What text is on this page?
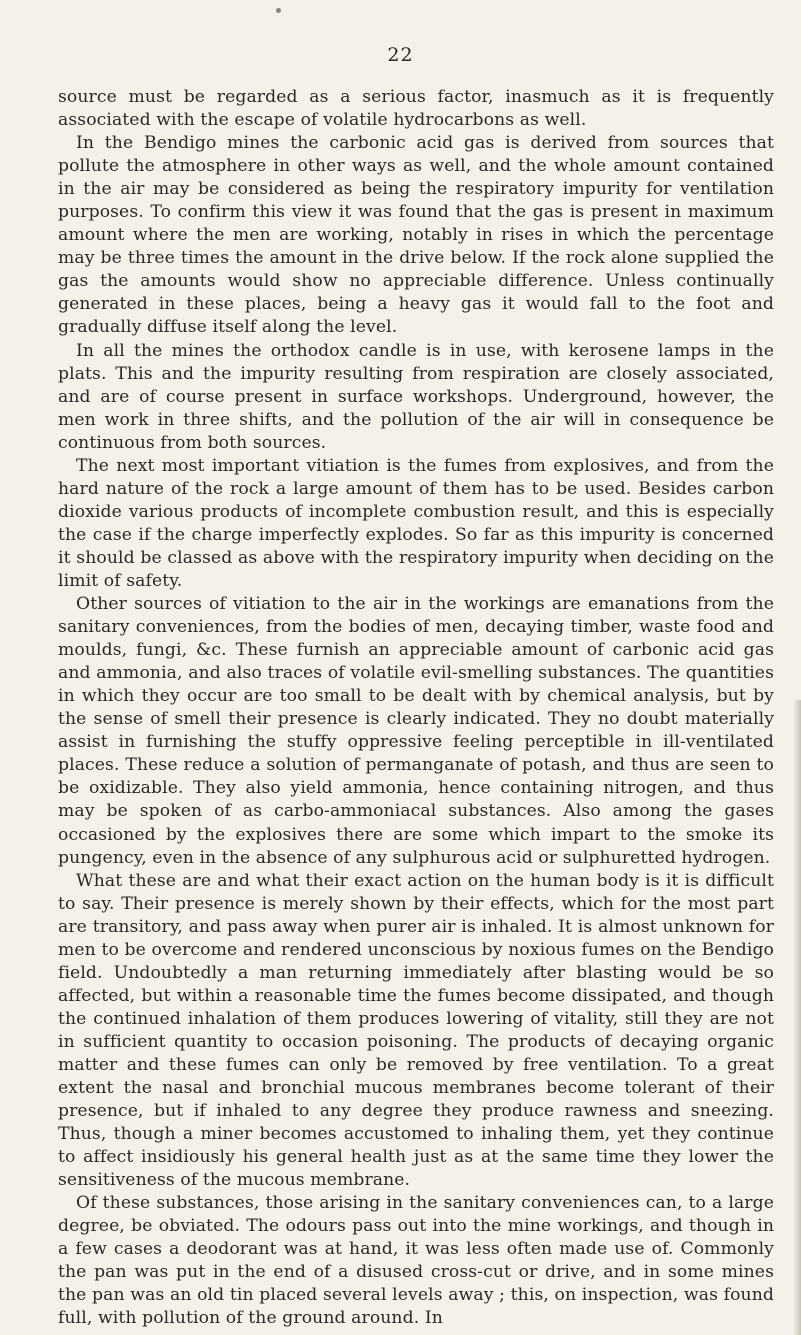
22

source must be regarded as a serious factor, inasmuch as it is frequently associated with the escape of volatile hydrocarbons as well.

In the Bendigo mines the carbonic acid gas is derived from sources that pollute the atmosphere in other ways as well, and the whole amount contained in the air may be considered as being the respiratory impurity for ventilation purposes. To confirm this view it was found that the gas is present in maximum amount where the men are working, notably in rises in which the percentage may be three times the amount in the drive below. If the rock alone supplied the gas the amounts would show no appreciable difference. Unless continually generated in these places, being a heavy gas it would fall to the foot and gradually diffuse itself along the level.

In all the mines the orthodox candle is in use, with kerosene lamps in the plats. This and the impurity resulting from respiration are closely associated, and are of course present in surface workshops. Underground, however, the men work in three shifts, and the pollution of the air will in consequence be continuous from both sources.

The next most important vitiation is the fumes from explosives, and from the hard nature of the rock a large amount of them has to be used. Besides carbon dioxide various products of incomplete combustion result, and this is especially the case if the charge imperfectly explodes. So far as this impurity is concerned it should be classed as above with the respiratory impurity when deciding on the limit of safety.

Other sources of vitiation to the air in the workings are emanations from the sanitary conveniences, from the bodies of men, decaying timber, waste food and moulds, fungi, &c. These furnish an appreciable amount of carbonic acid gas and ammonia, and also traces of volatile evil-smelling substances. The quantities in which they occur are too small to be dealt with by chemical analysis, but by the sense of smell their presence is clearly indicated. They no doubt materially assist in furnishing the stuffy oppressive feeling perceptible in ill-ventilated places. These reduce a solution of permanganate of potash, and thus are seen to be oxidizable. They also yield ammonia, hence containing nitrogen, and thus may be spoken of as carbo-ammoniacal substances. Also among the gases occasioned by the explosives there are some which impart to the smoke its pungency, even in the absence of any sulphurous acid or sulphuretted hydrogen.

What these are and what their exact action on the human body is it is difficult to say. Their presence is merely shown by their effects, which for the most part are transitory, and pass away when purer air is inhaled. It is almost unknown for men to be overcome and rendered unconscious by noxious fumes on the Bendigo field. Undoubtedly a man returning immediately after blasting would be so affected, but within a reasonable time the fumes become dissipated, and though the continued inhalation of them produces lowering of vitality, still they are not in sufficient quantity to occasion poisoning. The products of decaying organic matter and these fumes can only be removed by free ventilation. To a great extent the nasal and bronchial mucous membranes become tolerant of their presence, but if inhaled to any degree they produce rawness and sneezing. Thus, though a miner becomes accustomed to inhaling them, yet they continue to affect insidiously his general health just as at the same time they lower the sensitiveness of the mucous membrane.

Of these substances, those arising in the sanitary conveniences can, to a large degree, be obviated. The odours pass out into the mine workings, and though in a few cases a deodorant was at hand, it was less often made use of. Commonly the pan was put in the end of a disused cross-cut or drive, and in some mines the pan was an old tin placed several levels away ; this, on inspection, was found full, with pollution of the ground around. In
